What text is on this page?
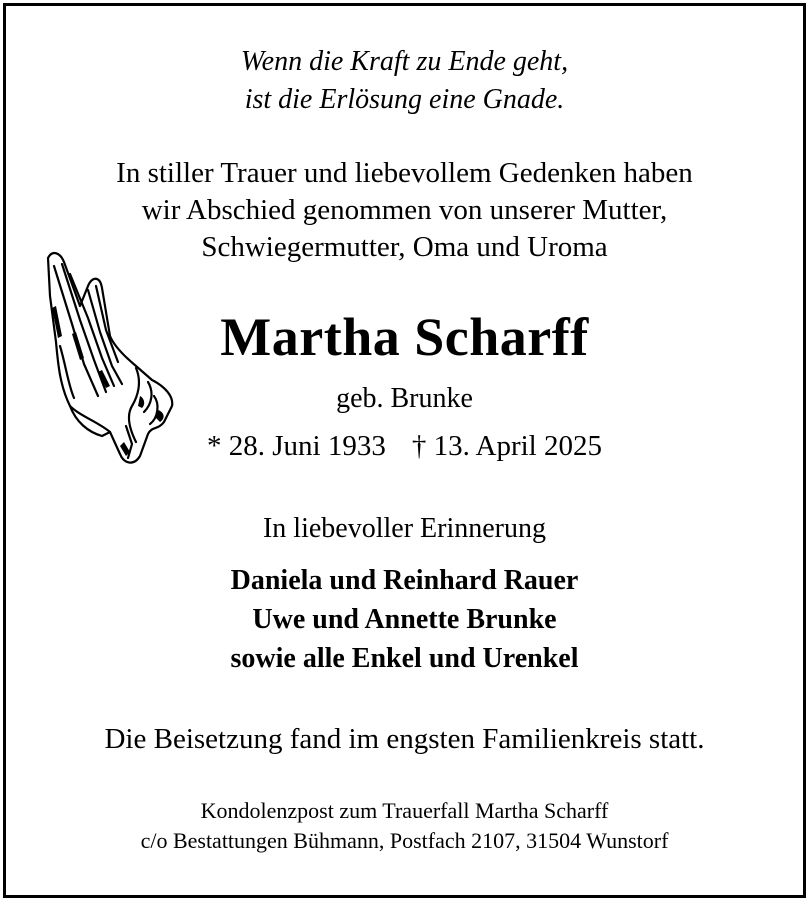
Wenn die Kraft zu Ende geht,
ist die Erlösung eine Gnade.
In stiller Trauer und liebevollem Gedenken haben
wir Abschied genommen von unserer Mutter,
Schwiegermutter, Oma und Uroma
Martha Scharff
geb. Brunke
* 28. Juni 1933 † 13. April 2025
In liebevoller Erinnerung
Daniela und Reinhard Rauer
Uwe und Annette Brunke
sowie alle Enkel und Urenkel
Die Beisetzung fand im engsten Familienkreis statt.
Kondolenzpost zum Trauerfall Martha Scharff
c/o Bestattungen Bühmann, Postfach 2107, 31504 Wunstorf
